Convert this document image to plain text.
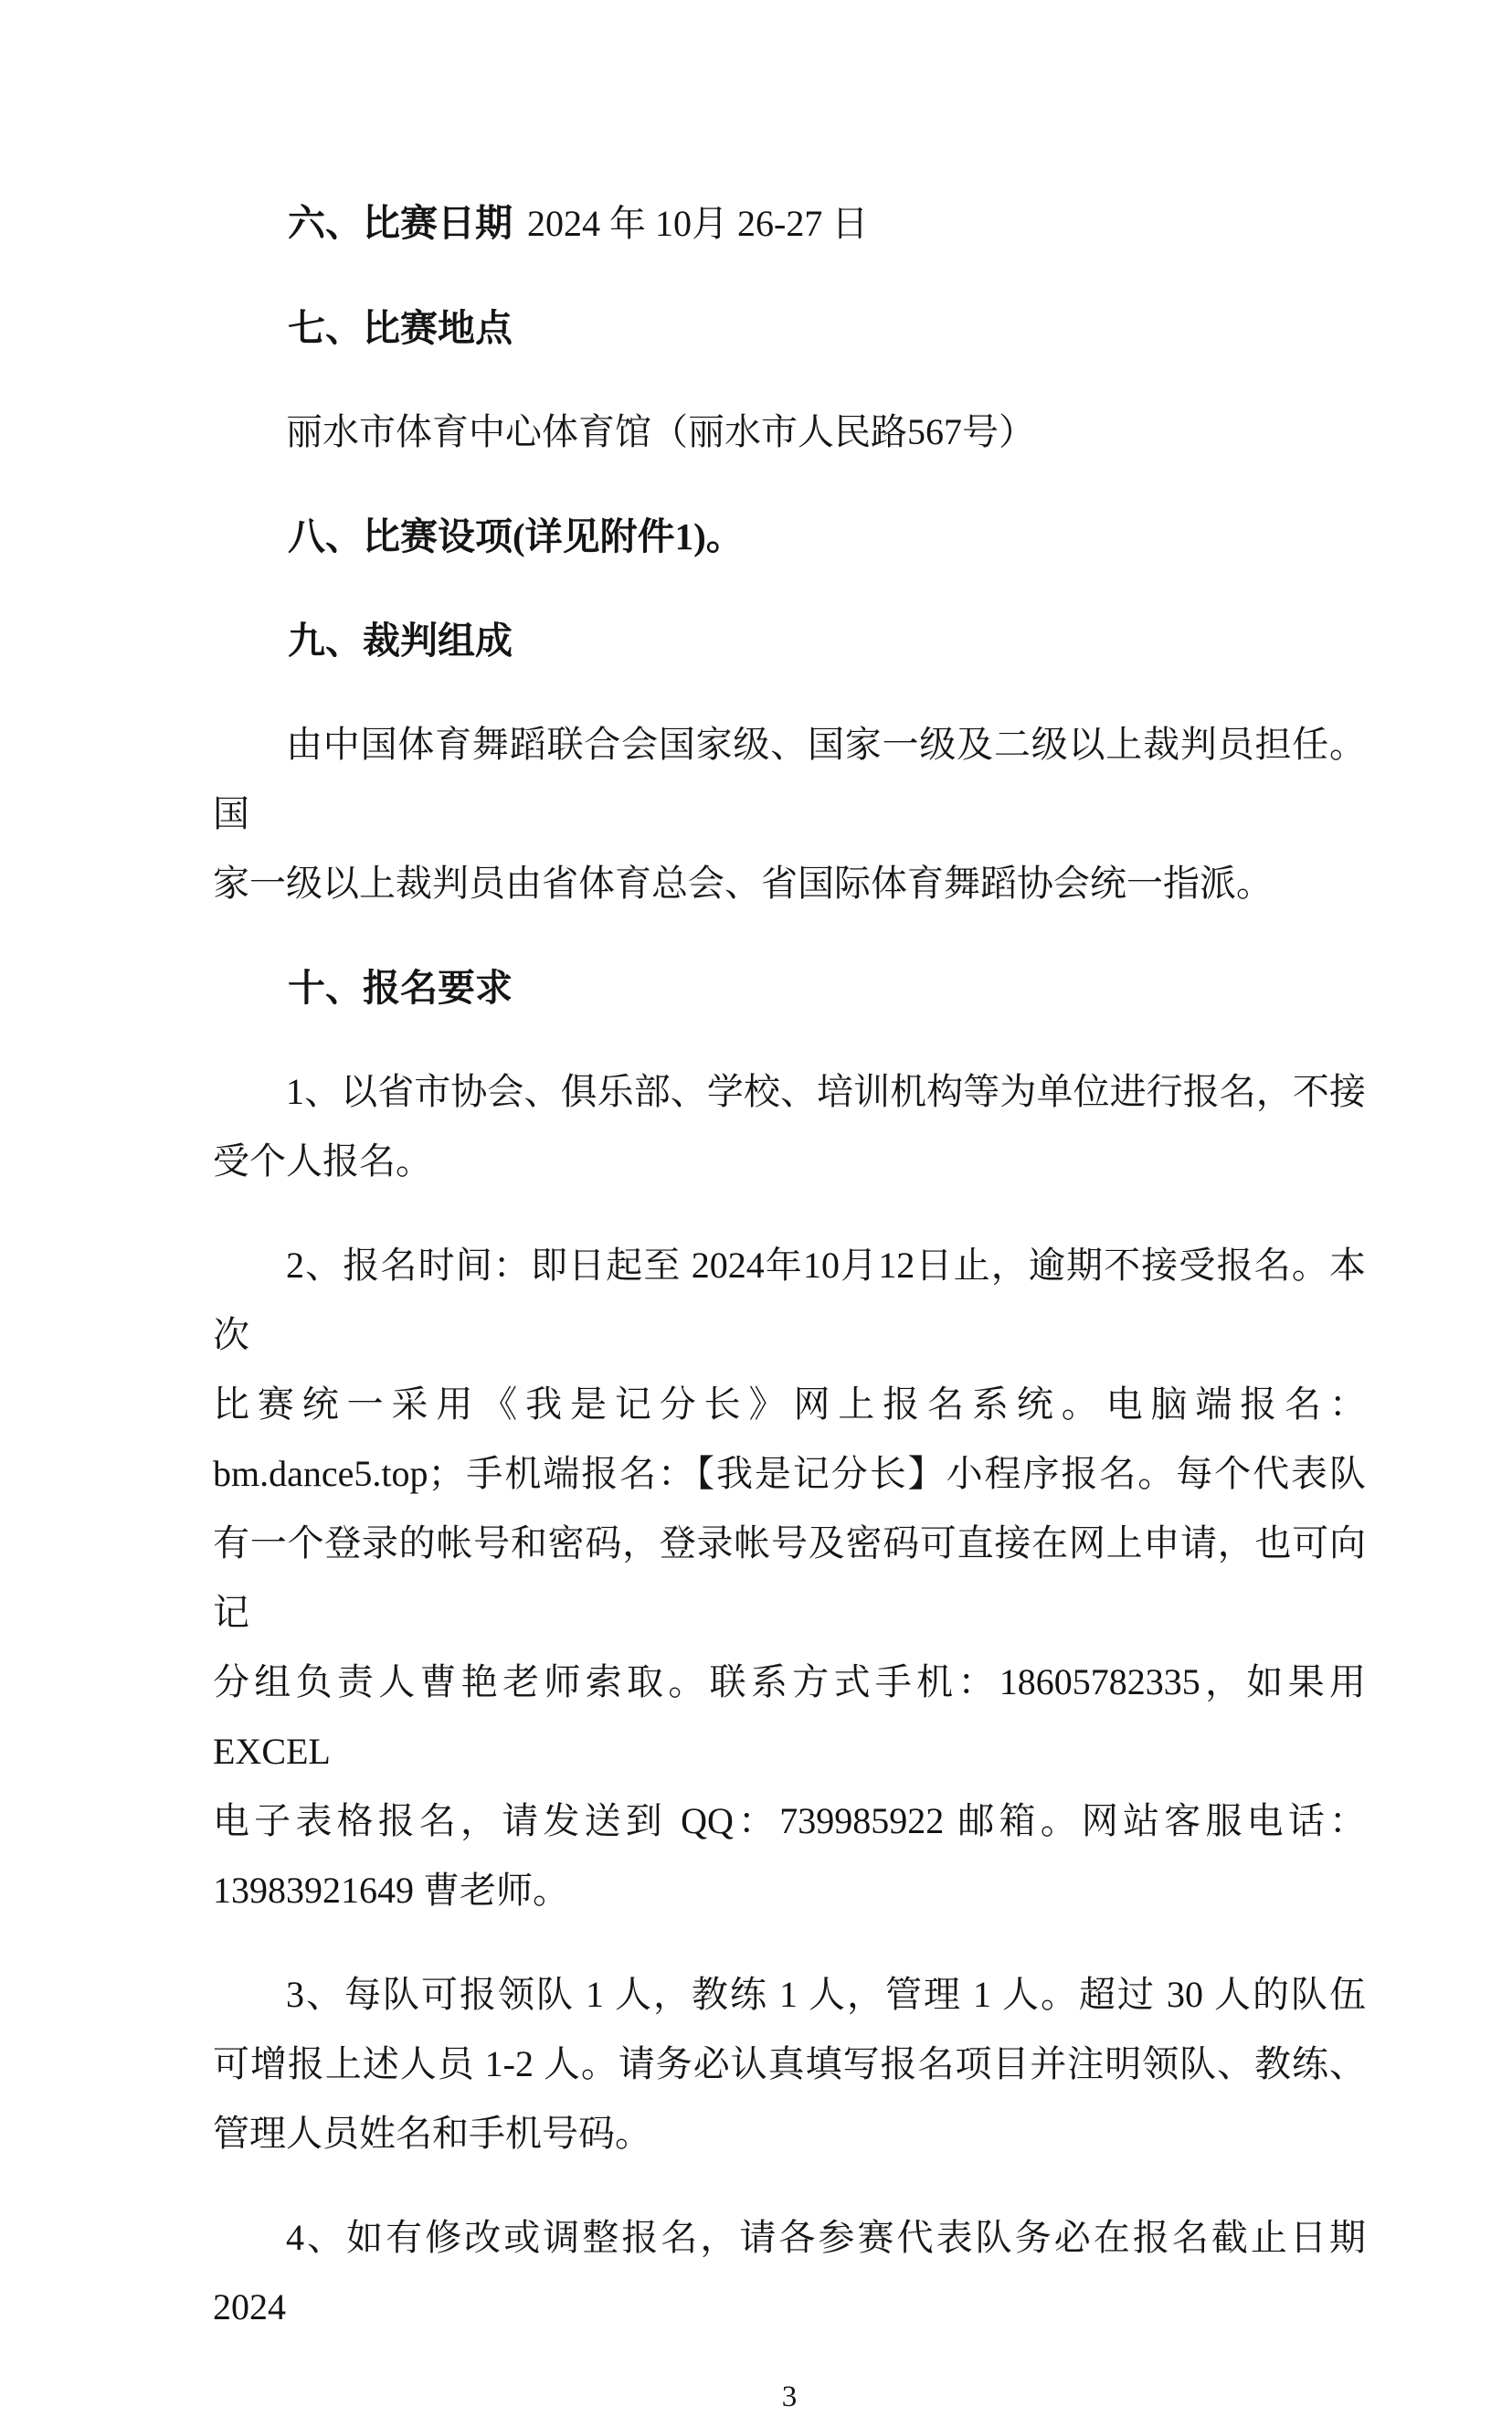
六、比赛日期 2024 年 10月 26-27 日
七、比赛地点
丽水市体育中心体育馆（丽水市人民路567号）
八、比赛设项(详见附件1)。
九、裁判组成
由中国体育舞蹈联合会国家级、国家一级及二级以上裁判员担任。国
家一级以上裁判员由省体育总会、省国际体育舞蹈协会统一指派。
十、报名要求
1、以省市协会、俱乐部、学校、培训机构等为单位进行报名，不接
受个人报名。
2、报名时间：即日起至 2024年10月12日止，逾期不接受报名。本次
比赛统一采用《我是记分长》网上报名系统。电脑端报名：
bm.dance5.top；手机端报名：【我是记分长】小程序报名。每个代表队
有一个登录的帐号和密码，登录帐号及密码可直接在网上申请，也可向记
分组负责人曹艳老师索取。联系方式手机：18605782335，如果用 EXCEL
电子表格报名，请发送到 QQ：739985922 邮箱。网站客服电话：
13983921649 曹老师。
3、每队可报领队 1 人，教练 1 人，管理 1 人。超过 30 人的队伍
可增报上述人员 1-2 人。请务必认真填写报名项目并注明领队、教练、
管理人员姓名和手机号码。
4、如有修改或调整报名，请各参赛代表队务必在报名截止日期 2024
3
